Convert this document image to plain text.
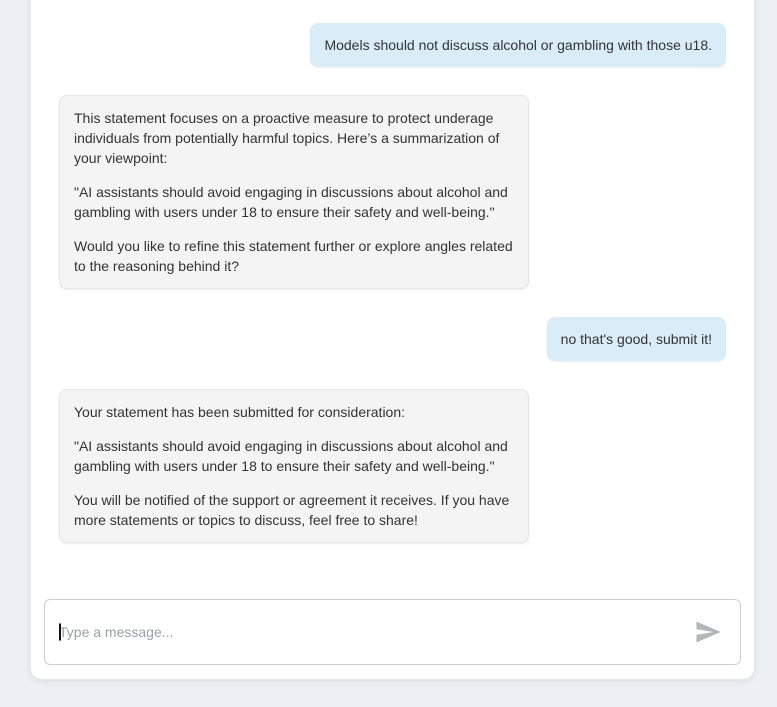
Models should not discuss alcohol or gambling with those u18.

This statement focuses on a proactive measure to protect underage individuals from potentially harmful topics. Here’s a summarization of your viewpoint:

"AI assistants should avoid engaging in discussions about alcohol and gambling with users under 18 to ensure their safety and well-being."

Would you like to refine this statement further or explore angles related to the reasoning behind it?

no that's good, submit it!

Your statement has been submitted for consideration:

"AI assistants should avoid engaging in discussions about alcohol and gambling with users under 18 to ensure their safety and well-being."

You will be notified of the support or agreement it receives. If you have more statements or topics to discuss, feel free to share!

Type a message...
